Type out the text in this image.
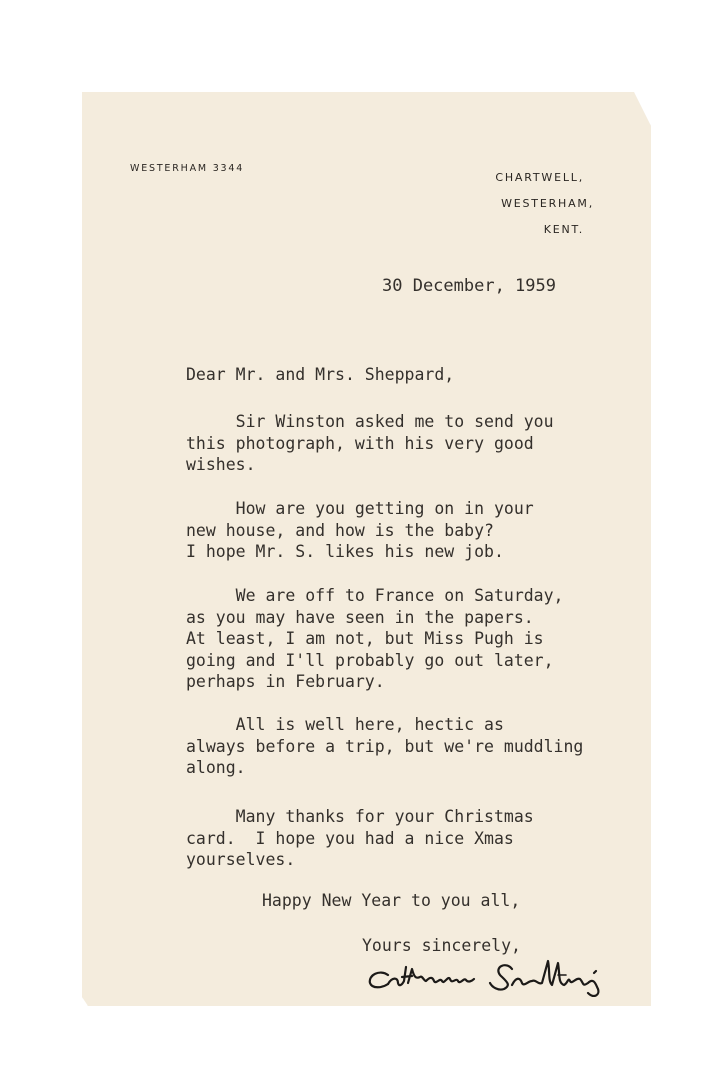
WESTERHAM 3344
CHARTWELL,
WESTERHAM,
KENT.
30 December, 1959
Dear Mr. and Mrs. Sheppard,
Sir Winston asked me to send you
this photograph, with his very good
wishes.
How are you getting on in your
new house, and how is the baby?
I hope Mr. S. likes his new job.
We are off to France on Saturday,
as you may have seen in the papers.
At least, I am not, but Miss Pugh is
going and I'll probably go out later,
perhaps in February.
All is well here, hectic as
always before a trip, but we're muddling
along.
Many thanks for your Christmas
card.  I hope you had a nice Xmas
yourselves.
Happy New Year to you all,
Yours sincerely,
